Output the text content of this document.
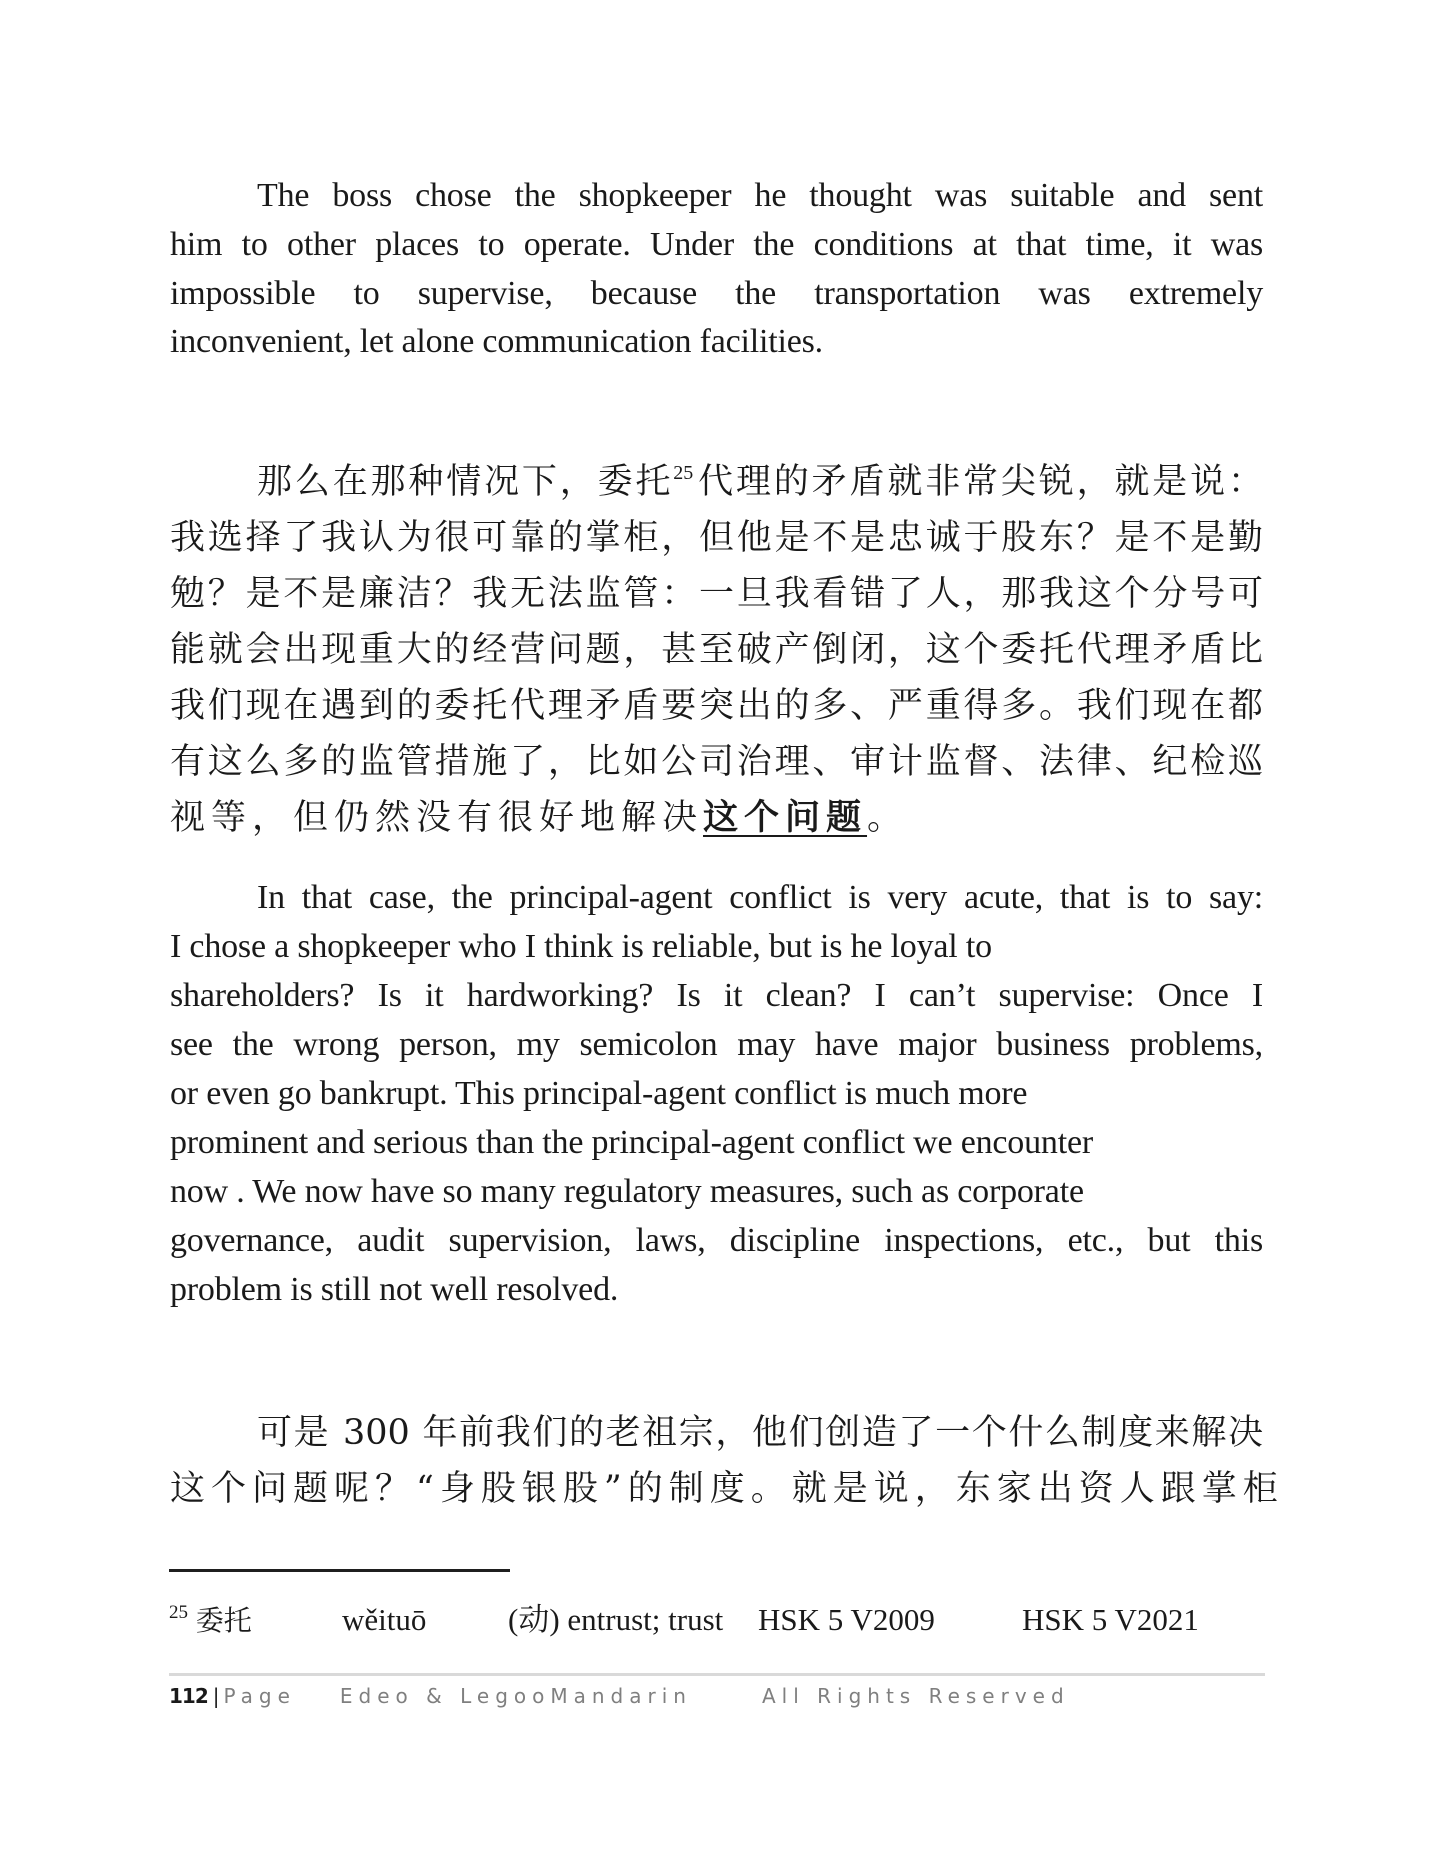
The boss chose the shopkeeper he thought was suitable and sent
him to other places to operate. Under the conditions at that time, it was
impossible to supervise, because the transportation was extremely
inconvenient, let alone communication facilities.
那么在那种情况下，委托$^{25}$代理的矛盾就非常尖锐，就是说：
我选择了我认为很可靠的掌柜，但他是不是忠诚于股东？是不是勤
勉？是不是廉洁？我无法监管：一旦我看错了人，那我这个分号可
能就会出现重大的经营问题，甚至破产倒闭，这个委托代理矛盾比
我们现在遇到的委托代理矛盾要突出的多、严重得多。我们现在都
有这么多的监管措施了，比如公司治理、审计监督、法律、纪检巡
视等，但仍然没有很好地解决这个问题。
In that case, the principal-agent conflict is very acute, that is to say:
I chose a shopkeeper who I think is reliable, but is he loyal to
shareholders? Is it hardworking? Is it clean? I can’t supervise: Once I
see the wrong person, my semicolon may have major business problems,
or even go bankrupt. This principal-agent conflict is much more
prominent and serious than the principal-agent conflict we encounter
now . We now have so many regulatory measures, such as corporate
governance, audit supervision, laws, discipline inspections, etc., but this
problem is still not well resolved.
可是 300 年前我们的老祖宗，他们创造了一个什么制度来解决
这个问题呢？“身股银股”的制度。就是说，东家出资人跟掌柜
$^{25}$ 委托	wěituō	(动) entrust; trust HSK 5 V2009	HSK 5 V2021
112 | Page Edeo & LegooMandarin	All Rights Reserved
